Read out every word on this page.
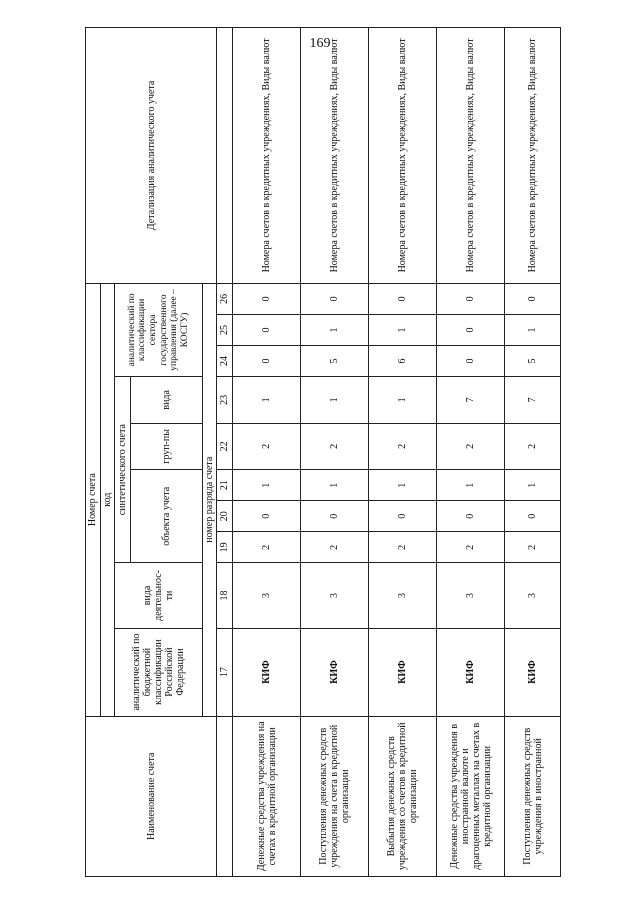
169
Наименование счета	Номер счета										Детализация аналитического учета
	код										
	аналитический по бюджетной классификации Российской Федерации	вида деятельнос-ти	синтетического счета					аналитический по классификации сектора государственного управления (далее – КОСГУ)			
			объекта учета			груп-пы	вида				
	номер разряда счета										
	17	18	19	20	21	22	23	24	25	26	
Денежные средства учреждения на счетах в кредитной организации	КИФ	3	2	0	1	2	1	0	0	0	Номера счетов в кредитных учреждениях, Виды валют
Поступления денежных средств учреждения на счета в кредитной организации	КИФ	3	2	0	1	2	1	5	1	0	Номера счетов в кредитных учреждениях, Виды валют
Выбытия денежных средств учреждения со счетов в кредитной организации	КИФ	3	2	0	1	2	1	6	1	0	Номера счетов в кредитных учреждениях, Виды валют
Денежные средства учреждения в иностранной валюте и драгоценных металлах на счетах в кредитной организации	КИФ	3	2	0	1	2	7	0	0	0	Номера счетов в кредитных учреждениях, Виды валют
Поступления денежных средств учреждения в иностранной	КИФ	3	2	0	1	2	7	5	1	0	Номера счетов в кредитных учреждениях, Виды валют
